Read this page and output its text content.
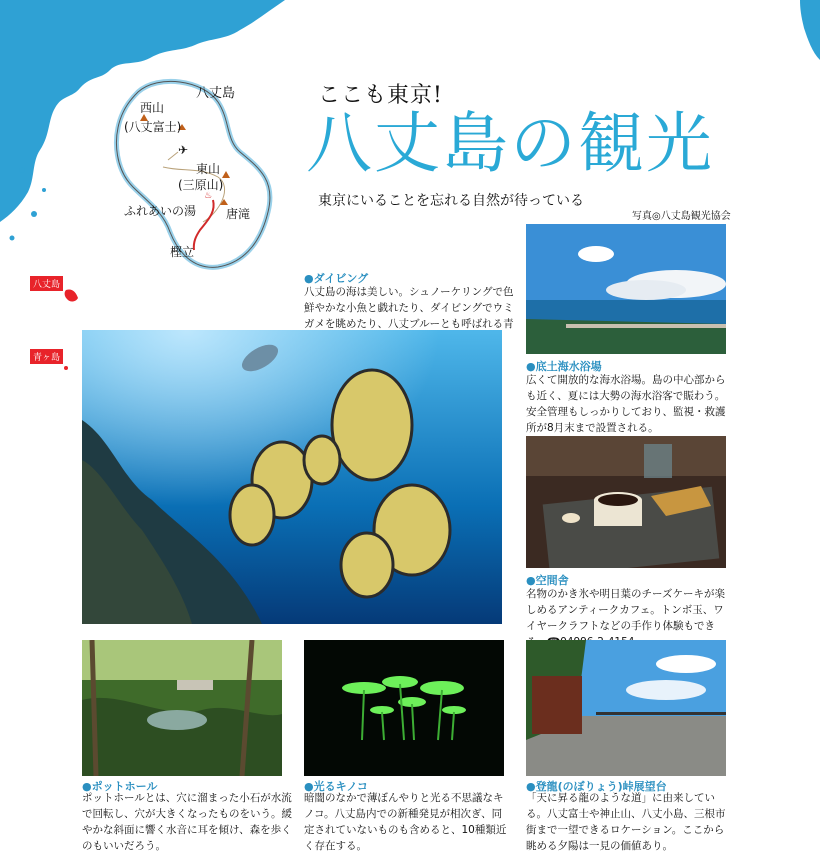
✈
♨
八丈島
西山
(八丈富士)
東山
(三原山)
ふれあいの湯 唐滝
樫立
八丈島
青ヶ島
ここも東京!
八丈島の観光
東京にいることを忘れる自然が待っている
写真◎八丈島観光協会
●ダイビング
八丈島の海は美しい。シュノーケリングで色鮮やかな小魚と戯れたり、ダイビングでウミガメを眺めたり、八丈ブルーとも呼ばれる青
●底土海水浴場
広くて開放的な海水浴場。島の中心部からも近く、夏には大勢の海水浴客で賑わう。安全管理もしっかりしており、監視・救護所が8月末まで設置される。
●空間舎
名物のかき氷や明日葉のチーズケーキが楽しめるアンティークカフェ。トンボ玉、ワイヤークラフトなどの手作り体験もでき
●ポットホール
ポットホールとは、穴に溜まった小石が水流で回転し、穴が大きくなったものをいう。緩やかな斜面に響く水音に耳を傾け、森を歩くのもいいだろう。
●光るキノコ
暗闇のなかで薄ぼんやりと光る不思議なキノコ。八丈島内での新種発見が相次ぎ、同定されていないものも含めると、10種類近く存在する。
●登龍(のぼりょう)峠展望台
「天に昇る龍のような道」に由来している。八丈富士や神止山、八丈小島、三根市街まで一望できるロケーション。ここから眺める夕陽は一見の価値あり。
